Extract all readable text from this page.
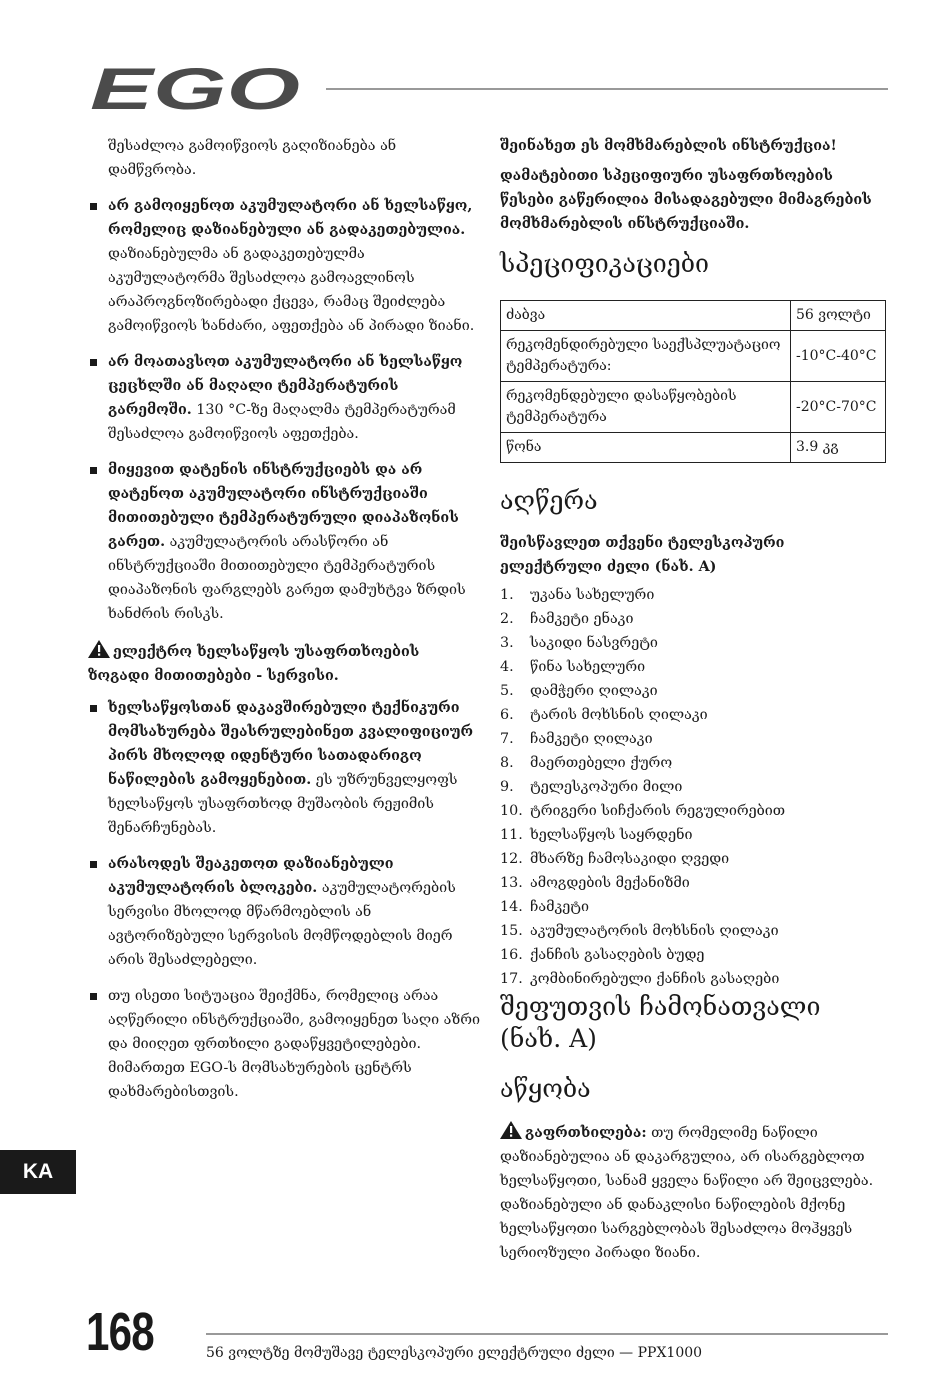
EGO

შესაძლოა გამოიწვიოს გაღიზიანება ან დამწვრობა.

არ გამოიყენოთ აკუმულატორი ან ხელსაწყო, რომელიც დაზიანებული ან გადაკეთებულია. დაზიანებულმა ან გადაკეთებულმა აკუმულატორმა შესაძლოა გამოავლინოს არაპროგნოზირებადი ქცევა, რამაც შეიძლება გამოიწვიოს ხანძარი, აფეთქება ან პირადი ზიანი.
არ მოათავსოთ აკუმულატორი ან ხელსაწყო ცეცხლში ან მაღალი ტემპერატურის გარემოში. 130 °C-ზე მაღალმა ტემპერატურამ შესაძლოა გამოიწვიოს აფეთქება.
მიყევით დატენის ინსტრუქციებს და არ დატენოთ აკუმულატორი ინსტრუქციაში მითითებული ტემპერატურული დიაპაზონის გარეთ. აკუმულატორის არასწორი ან ინსტრუქციაში მითითებული ტემპერატურის დიაპაზონის ფარგლებს გარეთ დამუხტვა ზრდის ხანძრის რისკს.

ელექტრო ხელსაწყოს უსაფრთხოების ზოგადი მითითებები - სერვისი.

ხელსაწყოსთან დაკავშირებული ტექნიკური მომსახურება შეასრულებინეთ კვალიფიციურ პირს მხოლოდ იდენტური სათადარიგო ნაწილების გამოყენებით. ეს უზრუნველყოფს ხელსაწყოს უსაფრთხოდ მუშაობის რეჟიმის შენარჩუნებას.
არასოდეს შეაკეთოთ დაზიანებული აკუმულატორის ბლოკები. აკუმულატორების სერვისი მხოლოდ მწარმოებლის ან ავტორიზებული სერვისის მომწოდებლის მიერ არის შესაძლებელი.
თუ ისეთი სიტუაცია შეიქმნა, რომელიც არაა აღწერილი ინსტრუქციაში, გამოიყენეთ საღი აზრი და მიიღეთ ფრთხილი გადაწყვეტილებები. მიმართეთ EGO-ს მომსახურების ცენტრს დახმარებისთვის.

შეინახეთ ეს მომხმარებლის ინსტრუქცია!

დამატებითი სპეციფიური უსაფრთხოების წესები გაწერილია მისადაგებული მიმაგრების მომხმარებლის ინსტრუქციაში.

სპეციფიკაციები
ძაბვა	56 ვოლტი
რეკომენდირებული საექსპლუატაციო ტემპერატურა:	-10°C-40°C
რეკომენდებული დასაწყობების ტემპერატურა	-20°C-70°C
წონა	3.9 კგ
აღწერა

შეისწავლეთ თქვენი ტელესკოპური ელექტრული ძელი (ნახ. A)

1.	უკანა სახელური
2.	ჩამკეტი ენაკი
3.	საკიდი ნასვრეტი
4.	წინა სახელური
5.	დამჭერი ღილაკი
6.	ტარის მოხსნის ღილაკი
7.	ჩამკეტი ღილაკი
8.	მაერთებელი ქურო
9.	ტელესკოპური მილი
10. ტრიგერი სიჩქარის რეგულირებით
11. ხელსაწყოს საყრდენი
12. მხარზე ჩამოსაკიდი ღვედი
13. ამოგდების მექანიზმი
14. ჩამკეტი
15. აკუმულატორის მოხსნის ღილაკი
16. ქანჩის გასაღების ბუდე
17. კომბინირებული ქანჩის გასაღები
შეფუთვის ჩამონათვალი (ნახ. A)
აწყობა

გაფრთხილება: თუ რომელიმე ნაწილი დაზიანებულია ან დაკარგულია, არ ისარგებლოთ ხელსაწყოთი, სანამ ყველა ნაწილი არ შეიცვლება. დაზიანებული ან დანაკლისი ნაწილების მქონე ხელსაწყოთი სარგებლობას შესაძლოა მოჰყვეს სერიოზული პირადი ზიანი.

KA
168	56 ვოლტზე მომუშავე ტელესკოპური ელექტრული ძელი — PPX1000
